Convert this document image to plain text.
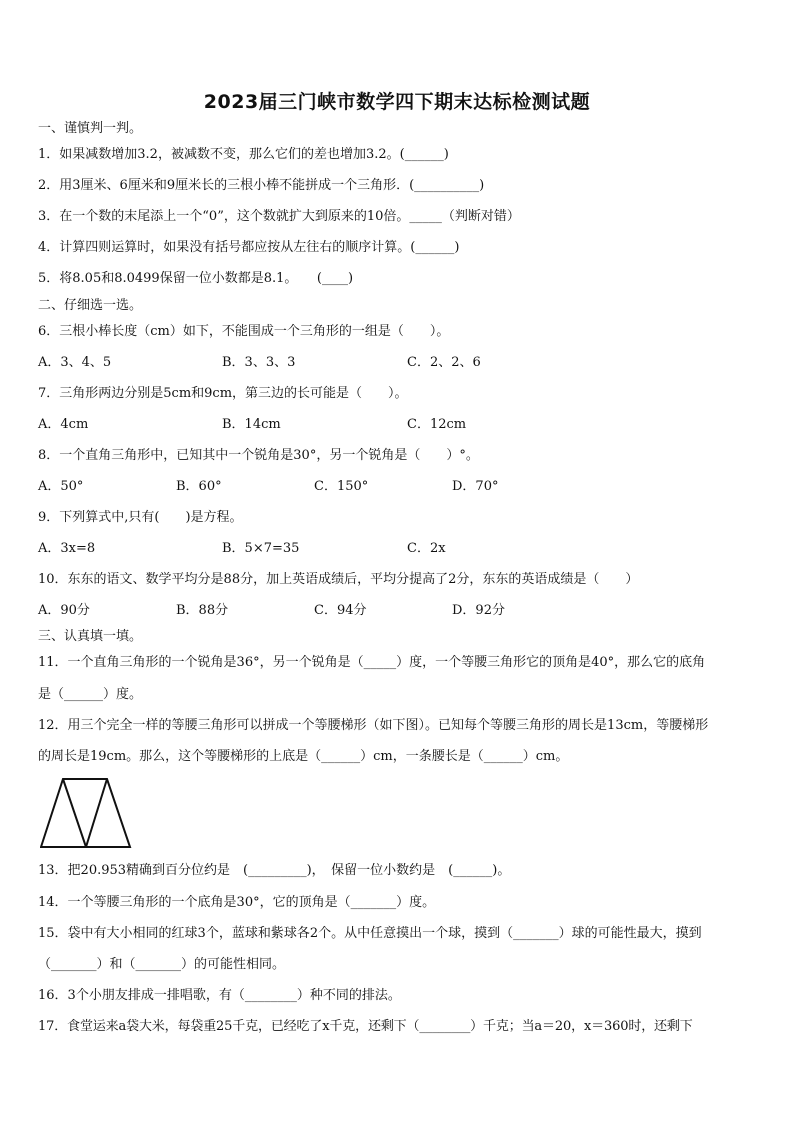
2023届三门峡市数学四下期末达标检测试题
一、谨慎判一判。
1．如果减数增加3.2，被减数不变，那么它们的差也增加3.2。(______)
2．用3厘米、6厘米和9厘米长的三根小棒不能拼成一个三角形．(__________)
3．在一个数的末尾添上一个“0”，这个数就扩大到原来的10倍。_____（判断对错）
4．计算四则运算时，如果没有括号都应按从左往右的顺序计算。(______)
5．将8.05和8.0499保留一位小数都是8.1。　　(____)
二、仔细选一选。
6．三根小棒长度（cm）如下，不能围成一个三角形的一组是（　　）。
A．3、4、5	B．3、3、3	C．2、2、6
7．三角形两边分别是5cm和9cm，第三边的长可能是（　　）。
A．4cm	B．14cm	C．12cm
8．一个直角三角形中，已知其中一个锐角是30°，另一个锐角是（　　）°。
A．50°	B．60°	C．150°	D．70°
9．下列算式中,只有(　　)是方程。
A．3x=8	B．5×7=35	C．2x
10．东东的语文、数学平均分是88分，加上英语成绩后，平均分提高了2分，东东的英语成绩是（　　）
A．90分	B．88分	C．94分	D．92分
三、认真填一填。
11．一个直角三角形的一个锐角是36°，另一个锐角是（_____）度，一个等腰三角形它的顶角是40°，那么它的底角
是（______）度。
12．用三个完全一样的等腰三角形可以拼成一个等腰梯形（如下图）。已知每个等腰三角形的周长是13cm，等腰梯形
的周长是19cm。那么，这个等腰梯形的上底是（______）cm，一条腰长是（______）cm。
13．把20.953精确到百分位约是　(_________)，　保留一位小数约是　(______)。
14．一个等腰三角形的一个底角是30°，它的顶角是（_______）度。
15．袋中有大小相同的红球3个，蓝球和紫球各2个。从中任意摸出一个球，摸到（_______）球的可能性最大，摸到
（_______）和（_______）的可能性相同。
16．3个小朋友排成一排唱歌，有（________）种不同的排法。
17．食堂运来a袋大米，每袋重25千克，已经吃了x千克，还剩下（________）千克；当a＝20，x＝360时，还剩下
